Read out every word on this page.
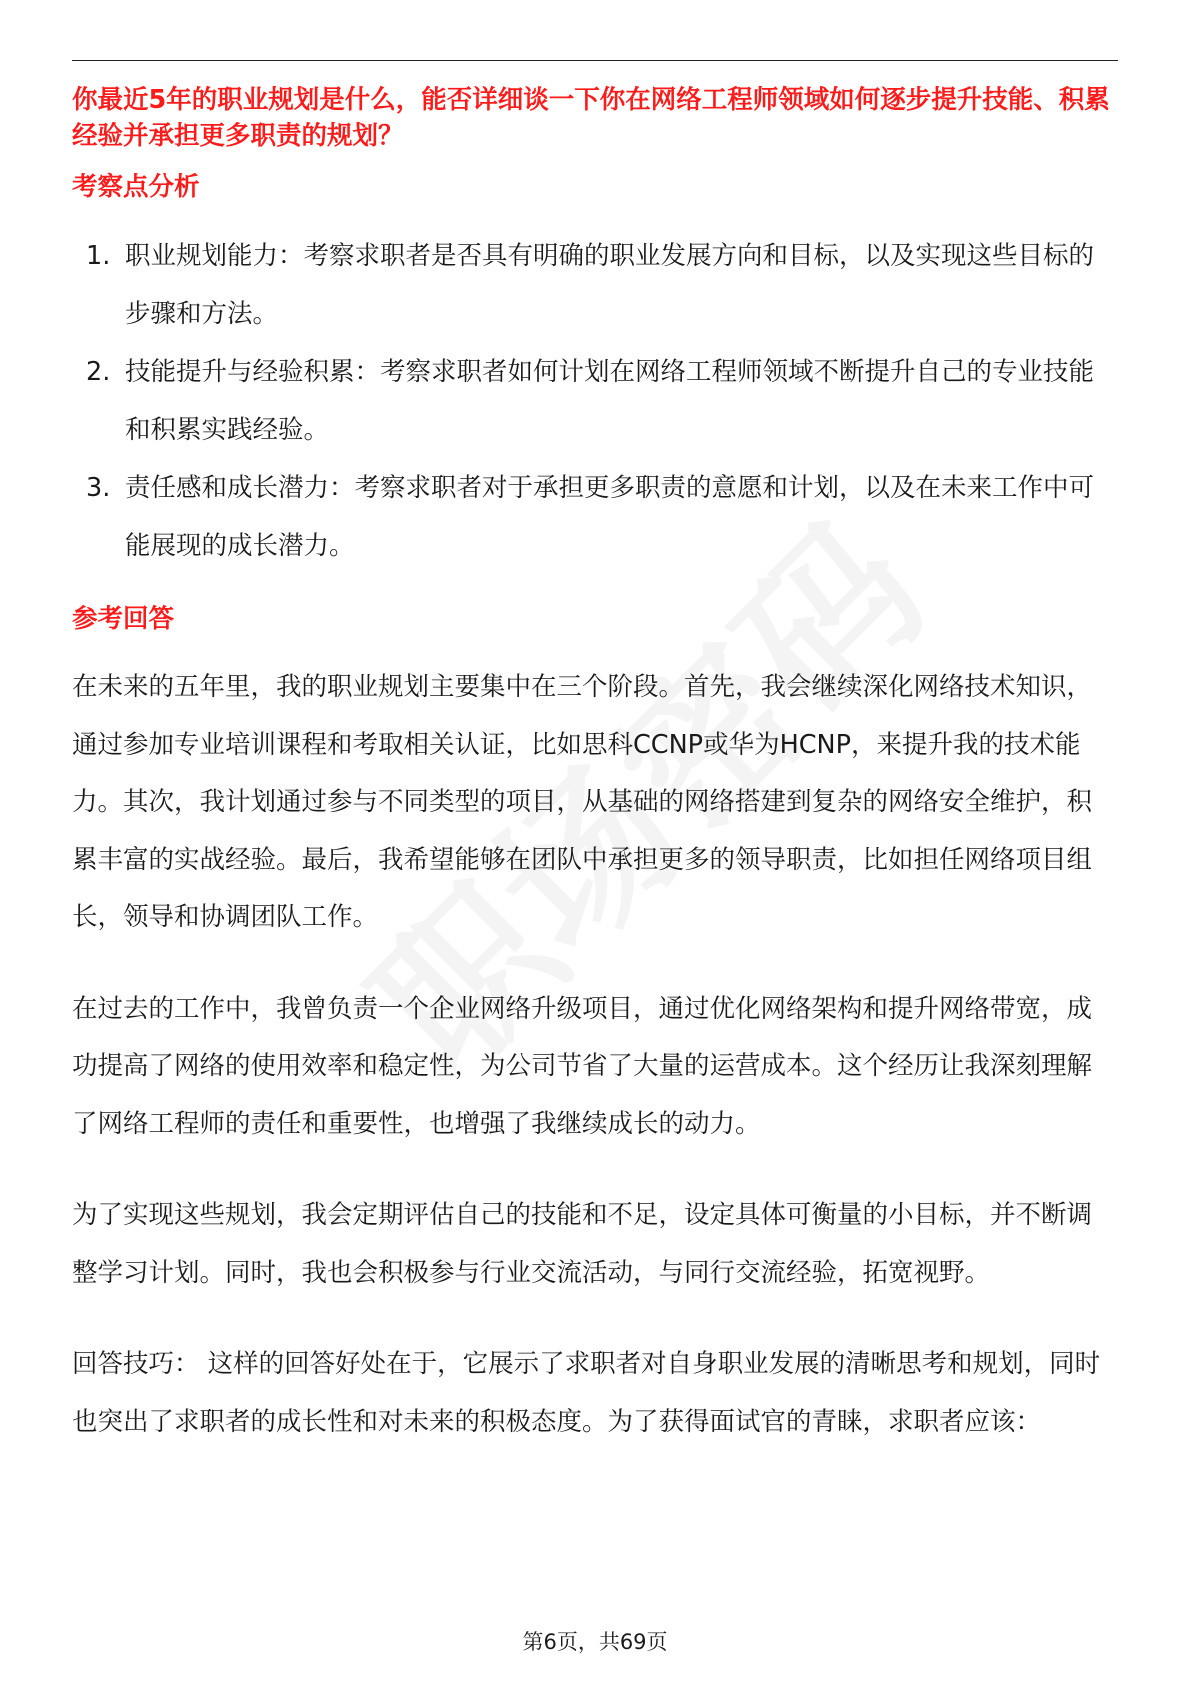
你最近5年的职业规划是什么，能否详细谈一下你在网络工程师领域如何逐步提升技能、积累经验并承担更多职责的规划？
考察点分析
1. 职业规划能力：考察求职者是否具有明确的职业发展方向和目标，以及实现这些目标的步骤和方法。
2. 技能提升与经验积累：考察求职者如何计划在网络工程师领域不断提升自己的专业技能和积累实践经验。
3. 责任感和成长潜力：考察求职者对于承担更多职责的意愿和计划，以及在未来工作中可能展现的成长潜力。
参考回答

在未来的五年里，我的职业规划主要集中在三个阶段。首先，我会继续深化网络技术知识，通过参加专业培训课程和考取相关认证，比如思科CCNP或华为HCNP，来提升我的技术能力。其次，我计划通过参与不同类型的项目，从基础的网络搭建到复杂的网络安全维护，积累丰富的实战经验。最后，我希望能够在团队中承担更多的领导职责，比如担任网络项目组长，领导和协调团队工作。

在过去的工作中，我曾负责一个企业网络升级项目，通过优化网络架构和提升网络带宽，成功提高了网络的使用效率和稳定性，为公司节省了大量的运营成本。这个经历让我深刻理解了网络工程师的责任和重要性，也增强了我继续成长的动力。

为了实现这些规划，我会定期评估自己的技能和不足，设定具体可衡量的小目标，并不断调整学习计划。同时，我也会积极参与行业交流活动，与同行交流经验，拓宽视野。

回答技巧： 这样的回答好处在于，它展示了求职者对自身职业发展的清晰思考和规划，同时也突出了求职者的成长性和对未来的积极态度。为了获得面试官的青睐，求职者应该：

第6页，共69页
